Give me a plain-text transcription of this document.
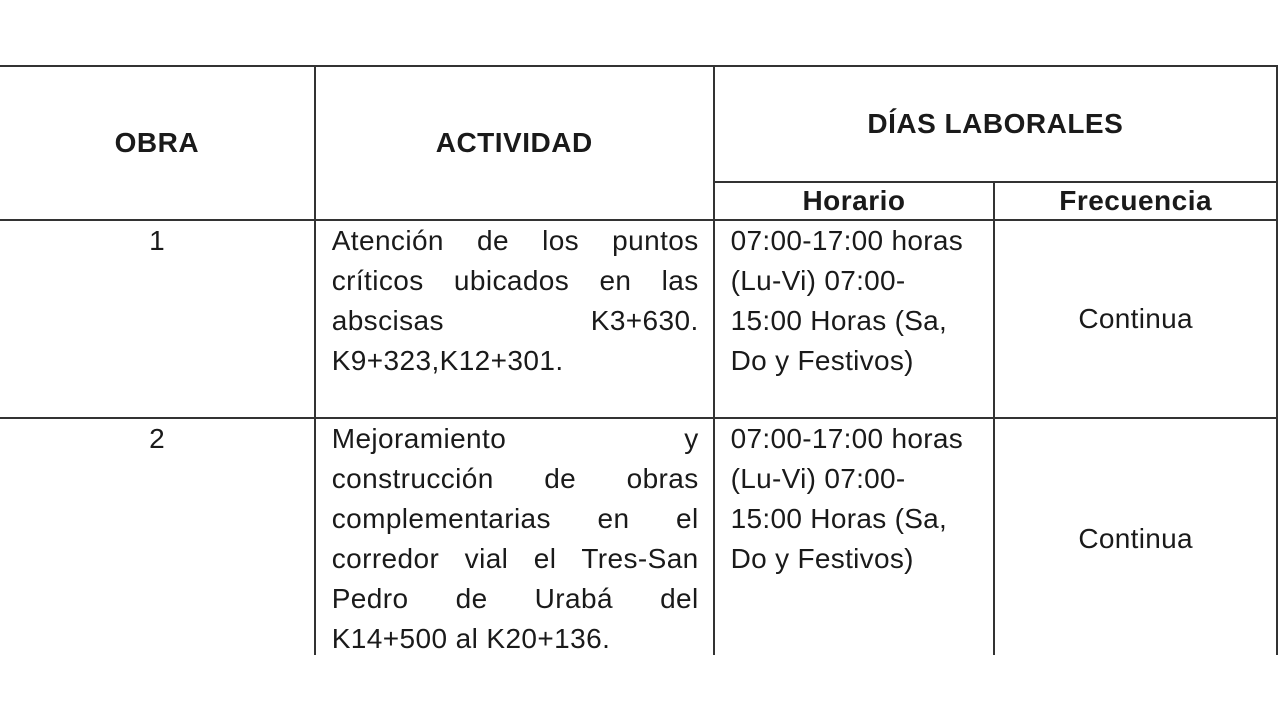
OBRA	ACTIVIDAD	DÍAS LABORALES	
		Horario	Frecuencia
1	Atención de los puntos críticos ubicados en las abscisas K3+630. K9+323,K12+301.	07:00-17:00 horas (Lu-Vi) 07:00- 15:00 Horas (Sa, Do y Festivos)	Continua
2	Mejoramiento y construcción de obras complementarias en el corredor vial el Tres-San Pedro de Urabá del K14+500 al K20+136.	07:00-17:00 horas (Lu-Vi) 07:00- 15:00 Horas (Sa, Do y Festivos)	Continua
